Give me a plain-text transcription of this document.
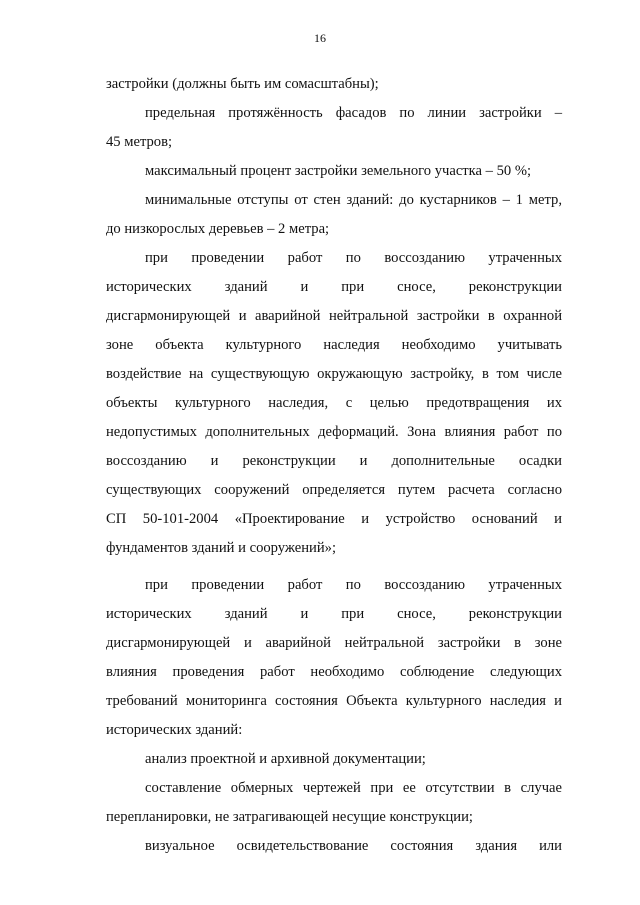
16
застройки (должны быть им сомасштабны);
предельная протяжённость фасадов по линии застройки –
45 метров;
максимальный процент застройки земельного участка – 50 %;
минимальные отступы от стен зданий: до кустарников – 1 метр,
до низкорослых деревьев – 2 метра;
при проведении работ по воссозданию утраченных
исторических зданий и при сносе, реконструкции
дисгармонирующей и аварийной нейтральной застройки в охранной
зоне объекта культурного наследия необходимо учитывать
воздействие на существующую окружающую застройку, в том числе
объекты культурного наследия, с целью предотвращения их
недопустимых дополнительных деформаций. Зона влияния работ по
воссозданию и реконструкции и дополнительные осадки
существующих сооружений определяется путем расчета согласно
СП 50-101-2004 «Проектирование и устройство оснований и
фундаментов зданий и сооружений»;
при проведении работ по воссозданию утраченных
исторических зданий и при сносе, реконструкции
дисгармонирующей и аварийной нейтральной застройки в зоне
влияния проведения работ необходимо соблюдение следующих
требований мониторинга состояния Объекта культурного наследия и
исторических зданий:
анализ проектной и архивной документации;
составление обмерных чертежей при ее отсутствии в случае
перепланировки, не затрагивающей несущие конструкции;
визуальное освидетельствование состояния здания или
